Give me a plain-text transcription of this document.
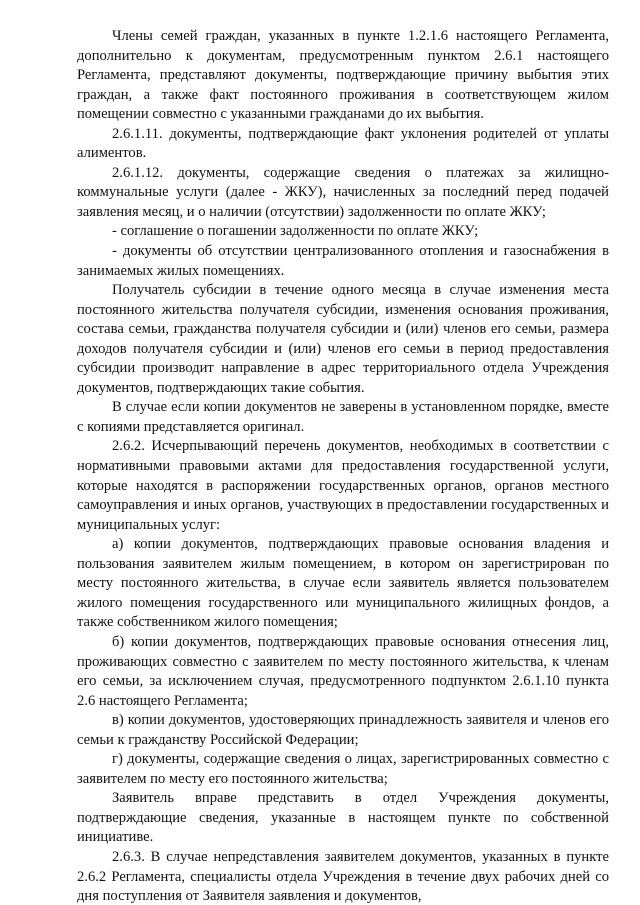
Члены семей граждан, указанных в пункте 1.2.1.6 настоящего Регламента, дополнительно к документам, предусмотренным пунктом 2.6.1 настоящего Регламента, представляют документы, подтверждающие причину выбытия этих граждан, а также факт постоянного проживания в соответствующем жилом помещении совместно с указанными гражданами до их выбытия.

2.6.1.11. документы, подтверждающие факт уклонения родителей от уплаты алиментов.

2.6.1.12. документы, содержащие сведения о платежах за жилищно-коммунальные услуги (далее - ЖКУ), начисленных за последний перед подачей заявления месяц, и о наличии (отсутствии) задолженности по оплате ЖКУ;

- соглашение о погашении задолженности по оплате ЖКУ;

- документы об отсутствии централизованного отопления и газоснабжения в занимаемых жилых помещениях.

Получатель субсидии в течение одного месяца в случае изменения места постоянного жительства получателя субсидии, изменения основания проживания, состава семьи, гражданства получателя субсидии и (или) членов его семьи, размера доходов получателя субсидии и (или) членов его семьи в период предоставления субсидии производит направление в адрес территориального отдела Учреждения документов, подтверждающих такие события.

В случае если копии документов не заверены в установленном порядке, вместе с копиями представляется оригинал.

2.6.2. Исчерпывающий перечень документов, необходимых в соответствии с нормативными правовыми актами для предоставления государственной услуги, которые находятся в распоряжении государственных органов, органов местного самоуправления и иных органов, участвующих в предоставлении государственных и муниципальных услуг:

а) копии документов, подтверждающих правовые основания владения и пользования заявителем жилым помещением, в котором он зарегистрирован по месту постоянного жительства, в случае если заявитель является пользователем жилого помещения государственного или муниципального жилищных фондов, а также собственником жилого помещения;

б) копии документов, подтверждающих правовые основания отнесения лиц, проживающих совместно с заявителем по месту постоянного жительства, к членам его семьи, за исключением случая, предусмотренного подпунктом 2.6.1.10 пункта 2.6 настоящего Регламента;

в) копии документов, удостоверяющих принадлежность заявителя и членов его семьи к гражданству Российской Федерации;

г) документы, содержащие сведения о лицах, зарегистрированных совместно с заявителем по месту его постоянного жительства;

Заявитель вправе представить в отдел Учреждения документы, подтверждающие сведения, указанные в настоящем пункте по собственной инициативе.

2.6.3. В случае непредставления заявителем документов, указанных в пункте 2.6.2 Регламента, специалисты отдела Учреждения в течение двух рабочих дней со дня поступления от Заявителя заявления и документов,
